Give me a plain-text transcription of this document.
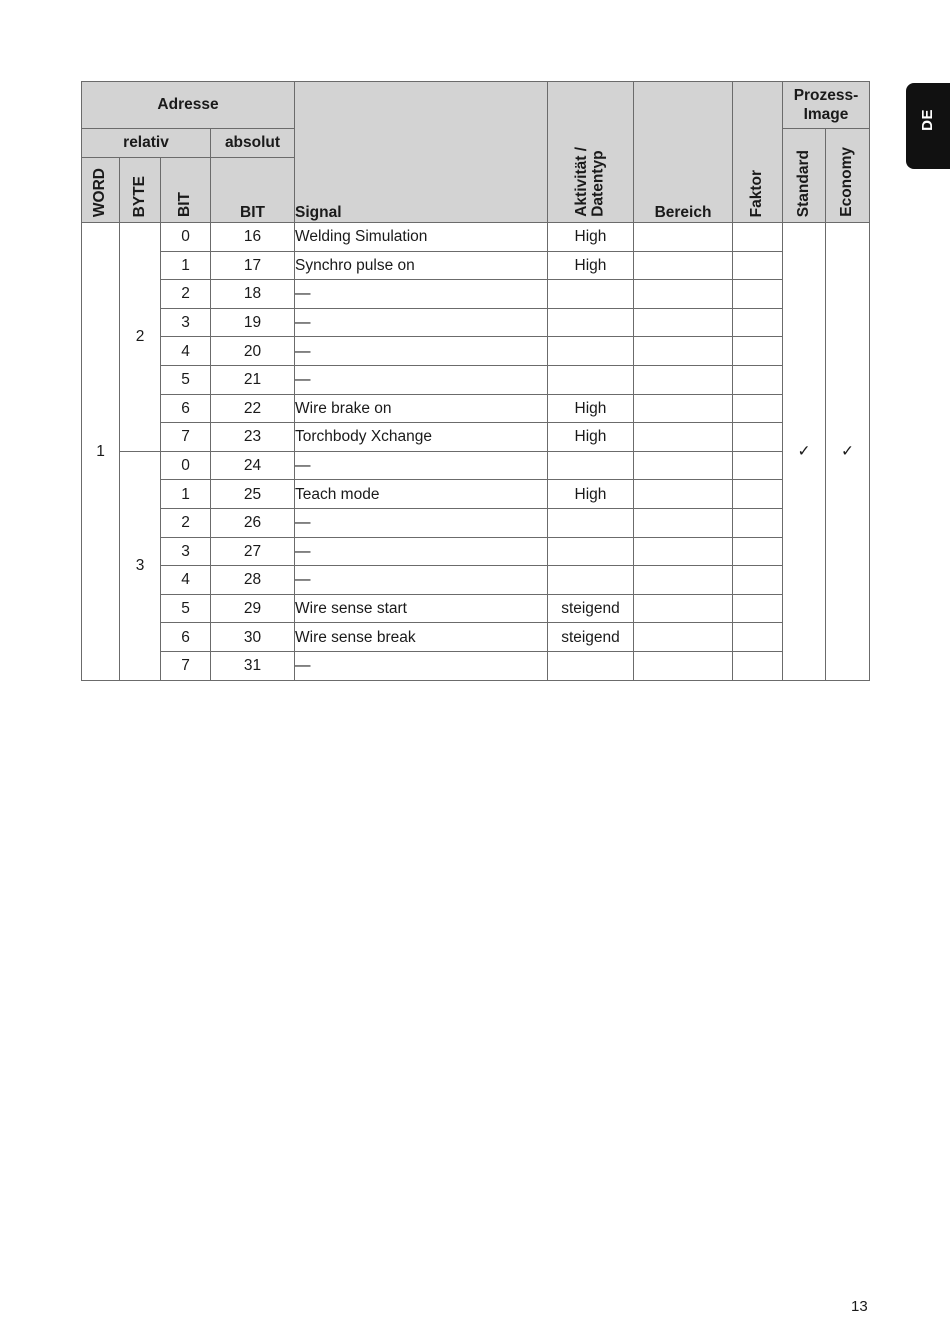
Adresse				Signal	Aktivität /
Datentyp	Bereich	Faktor	Prozess-
Image	
relativ			absolut					Standard	Economy
WORD	BYTE	BIT	BIT						
1	2	0	16	Welding Simulation	High			✓	✓
		1	17	Synchro pulse on	High				
		2	18	—					
		3	19	—					
		4	20	—					
		5	21	—					
		6	22	Wire brake on	High				
		7	23	Torchbody Xchange	High				
	3	0	24	—					
		1	25	Teach mode	High				
		2	26	—					
		3	27	—					
		4	28	—					
		5	29	Wire sense start	steigend				
		6	30	Wire sense break	steigend				
		7	31	—					
DE
13
